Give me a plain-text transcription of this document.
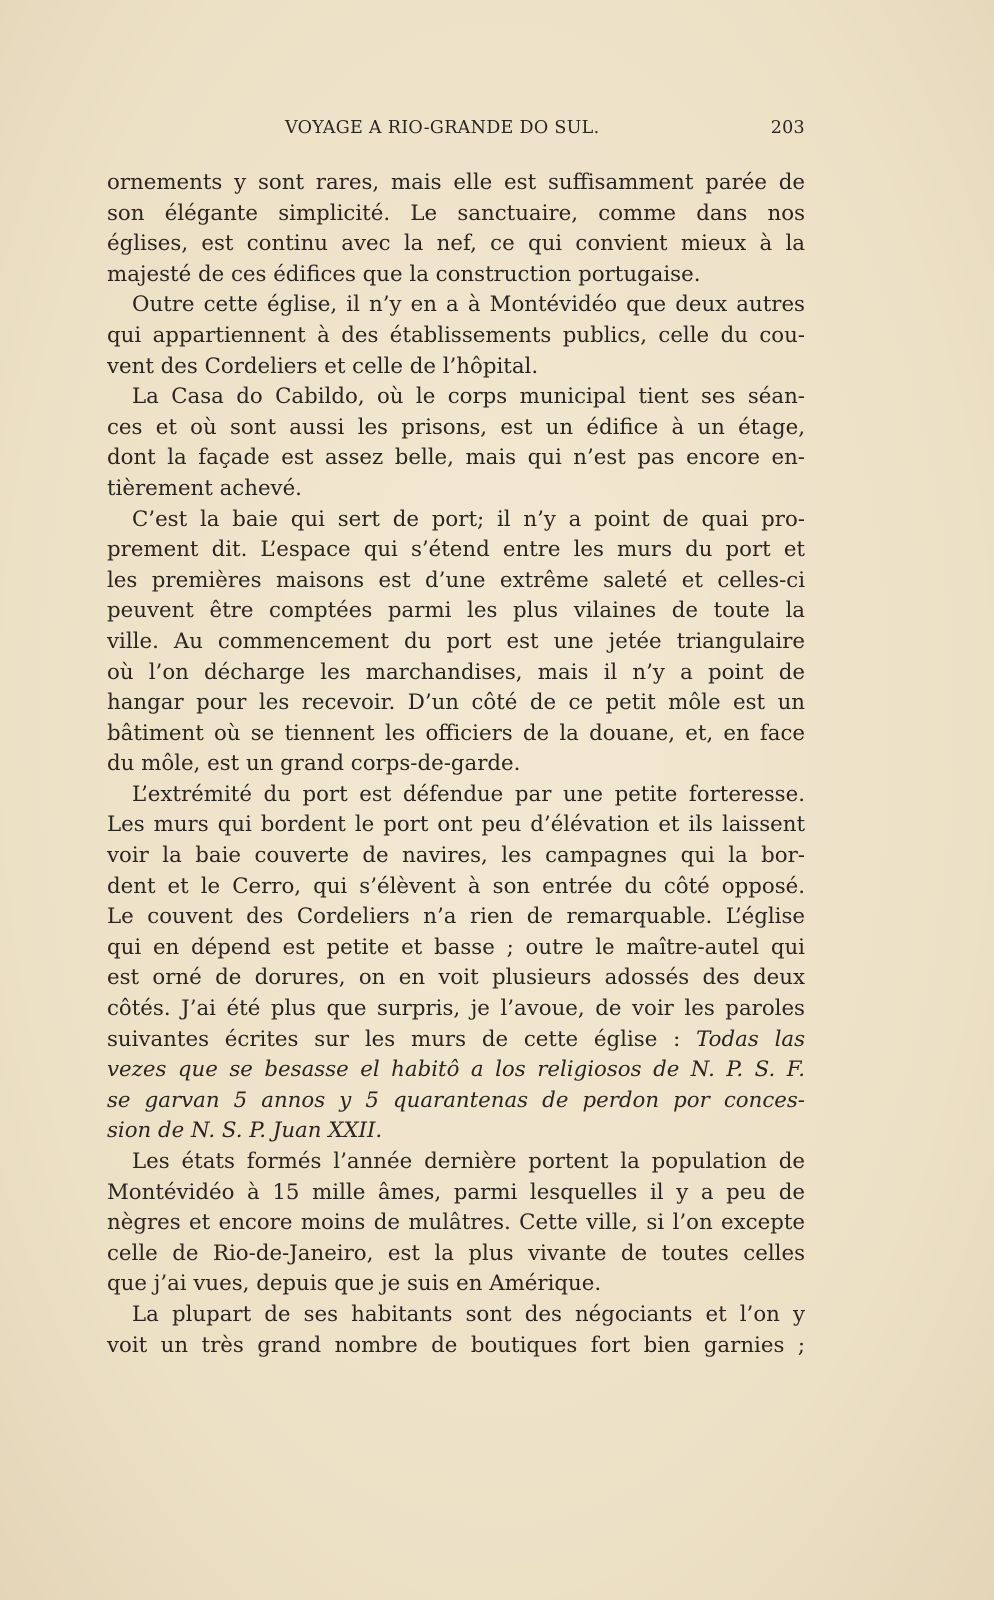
VOYAGE A RIO-GRANDE DO SUL.	203
ornements y sont rares, mais elle est suffisamment parée de
son élégante simplicité. Le sanctuaire, comme dans nos
églises, est continu avec la nef, ce qui convient mieux à la
majesté de ces édifices que la construction portugaise.
Outre cette église, il n’y en a à Montévidéo que deux autres
qui appartiennent à des établissements publics, celle du cou-
vent des Cordeliers et celle de l’hôpital.
La Casa do Cabildo, où le corps municipal tient ses séan-
ces et où sont aussi les prisons, est un édifice à un étage,
dont la façade est assez belle, mais qui n’est pas encore en-
tièrement achevé.
C’est la baie qui sert de port; il n’y a point de quai pro-
prement dit. L’espace qui s’étend entre les murs du port et
les premières maisons est d’une extrême saleté et celles-ci
peuvent être comptées parmi les plus vilaines de toute la
ville. Au commencement du port est une jetée triangulaire
où l’on décharge les marchandises, mais il n’y a point de
hangar pour les recevoir. D’un côté de ce petit môle est un
bâtiment où se tiennent les officiers de la douane, et, en face
du môle, est un grand corps-de-garde.
L’extrémité du port est défendue par une petite forteresse.
Les murs qui bordent le port ont peu d’élévation et ils laissent
voir la baie couverte de navires, les campagnes qui la bor-
dent et le Cerro, qui s’élèvent à son entrée du côté opposé.
Le couvent des Cordeliers n’a rien de remarquable. L’église
qui en dépend est petite et basse ; outre le maître-autel qui
est orné de dorures, on en voit plusieurs adossés des deux
côtés. J’ai été plus que surpris, je l’avoue, de voir les paroles
suivantes écrites sur les murs de cette église : Todas las
vezes que se besasse el habitô a los religiosos de N. P. S. F.
se garvan 5 annos y 5 quarantenas de perdon por conces-
sion de N. S. P. Juan XXII.
Les états formés l’année dernière portent la population de
Montévidéo à 15 mille âmes, parmi lesquelles il y a peu de
nègres et encore moins de mulâtres. Cette ville, si l’on excepte
celle de Rio-de-Janeiro, est la plus vivante de toutes celles
que j’ai vues, depuis que je suis en Amérique.
La plupart de ses habitants sont des négociants et l’on y
voit un très grand nombre de boutiques fort bien garnies ;
